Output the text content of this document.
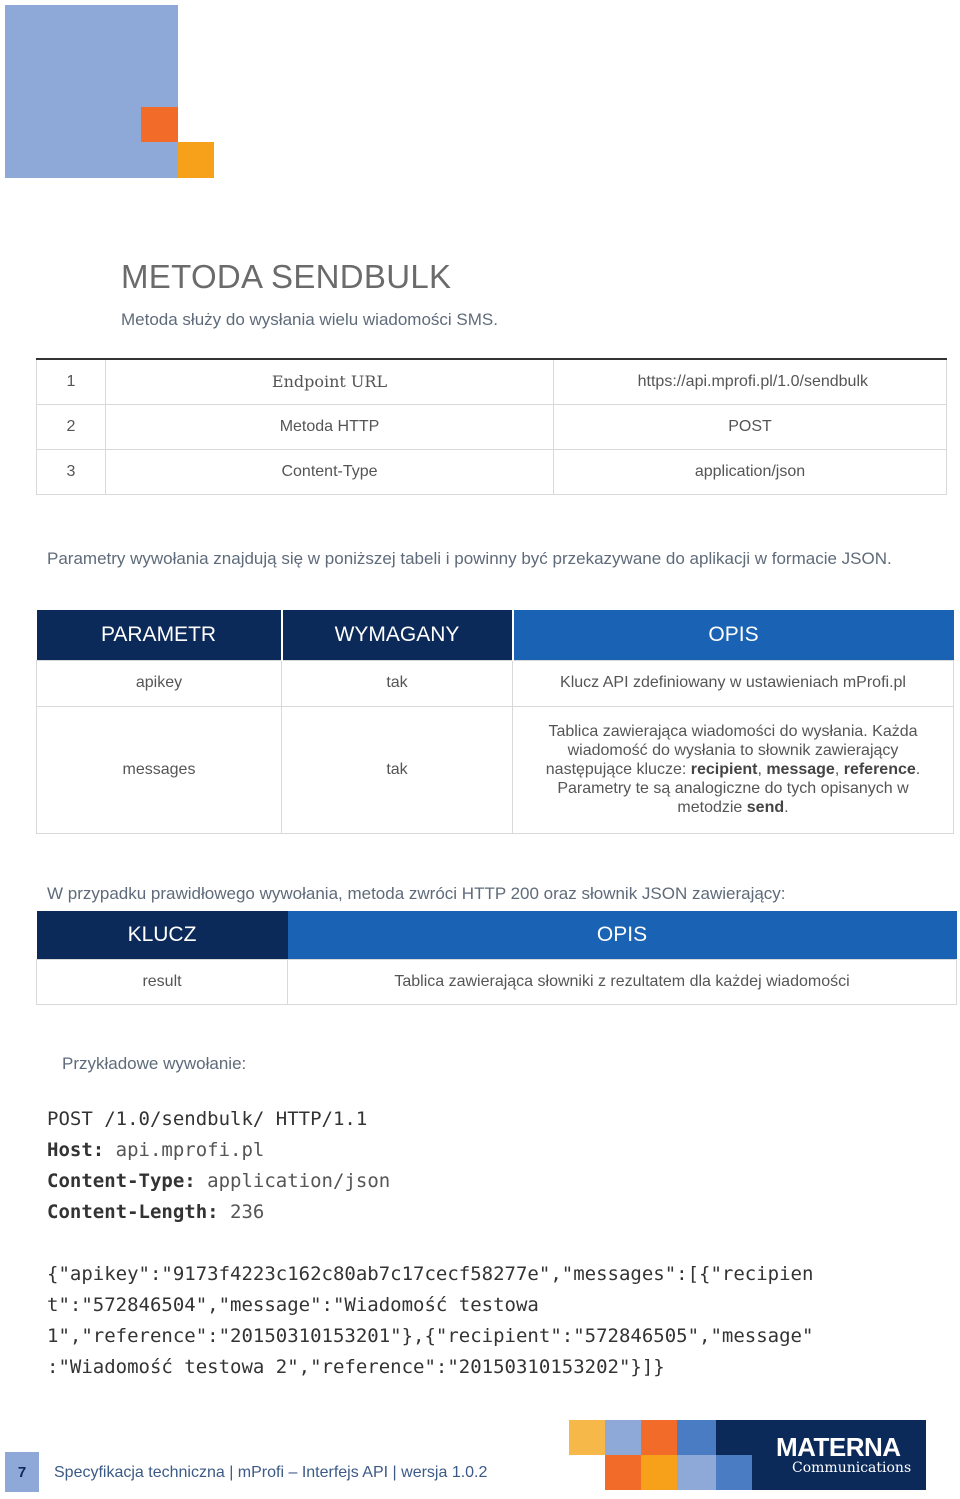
METODA SENDBULK
Metoda służy do wysłania wielu wiadomości SMS.
1	Endpoint URL	https://api.mprofi.pl/1.0/sendbulk
2	Metoda HTTP	POST
3	Content-Type	application/json
Parametry wywołania znajdują się w poniższej tabeli i powinny być przekazywane do aplikacji w formacie JSON.
PARAMETR	WYMAGANY	OPIS
apikey	tak	Klucz API zdefiniowany w ustawieniach mProfi.pl
messages	tak	Tablica zawierająca wiadomości do wysłania. Każda wiadomość do wysłania to słownik zawierający następujące klucze: recipient, message, reference. Parametry te są analogiczne do tych opisanych w metodzie send.
W przypadku prawidłowego wywołania, metoda zwróci HTTP 200 oraz słownik JSON zawierający:
KLUCZ	OPIS
result	Tablica zawierająca słowniki z rezultatem dla każdej wiadomości
Przykładowe wywołanie:
POST /1.0/sendbulk/ HTTP/1.1
Host: api.mprofi.pl
Content-Type: application/json
Content-Length: 236
{"apikey":"9173f4223c162c80ab7c17cecf58277e","messages":[{"recipien
t":"572846504","message":"Wiadomość testowa
1","reference":"20150310153201"},{"recipient":"572846505","message"
:"Wiadomość testowa 2","reference":"20150310153202"}]}
7	Specyfikacja techniczna | mProfi – Interfejs API | wersja 1.0.2
MATERNA
Communications
